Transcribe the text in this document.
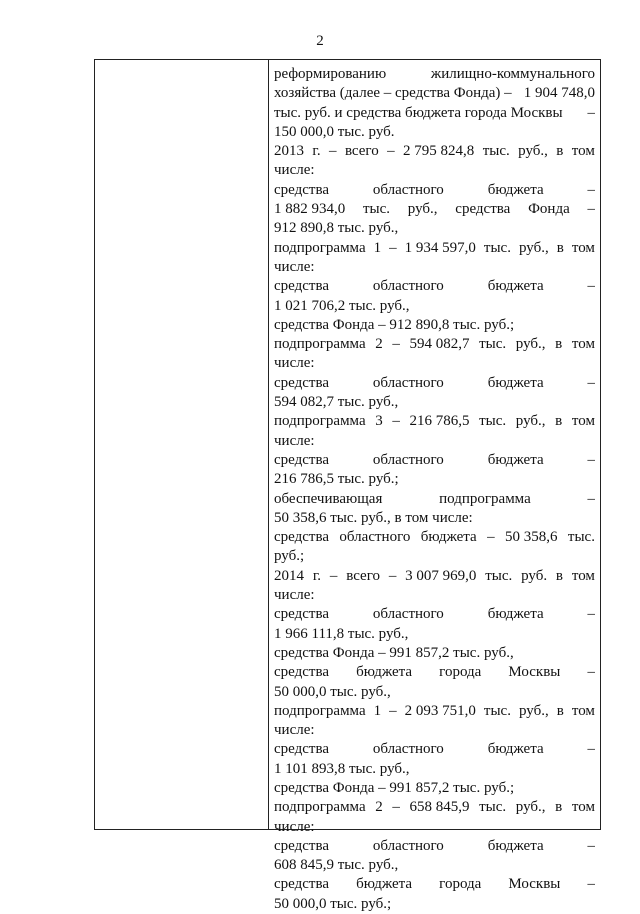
2
реформированию	жилищно-коммунального
хозяйства (далее – средства Фонда) – 1 904 748,0
тыс. руб. и средства бюджета города Москвы –
150 000,0 тыс. руб.
2013 г. – всего – 2 795 824,8 тыс. руб., в том
числе:
средства	областного	бюджета	–
1 882 934,0 тыс. руб., средства Фонда –
912 890,8 тыс. руб.,
подпрограмма 1 – 1 934 597,0 тыс. руб., в том
числе:
средства	областного	бюджета	–
1 021 706,2 тыс. руб.,
средства Фонда – 912 890,8 тыс. руб.;
подпрограмма 2 – 594 082,7 тыс. руб., в том
числе:
средства	областного	бюджета	–
594 082,7 тыс. руб.,
подпрограмма 3 – 216 786,5 тыс. руб., в том
числе:
средства	областного	бюджета	–
216 786,5 тыс. руб.;
обеспечивающая	подпрограмма	–
50 358,6 тыс. руб., в том числе:
средства областного бюджета – 50 358,6 тыс.
руб.;
2014 г. – всего – 3 007 969,0 тыс. руб. в том
числе:
средства	областного	бюджета	–
1 966 111,8 тыс. руб.,
средства Фонда – 991 857,2 тыс. руб.,
средства бюджета города Москвы –
50 000,0 тыс. руб.,
подпрограмма 1 – 2 093 751,0 тыс. руб., в том
числе:
средства	областного	бюджета	–
1 101 893,8 тыс. руб.,
средства Фонда – 991 857,2 тыс. руб.;
подпрограмма 2 – 658 845,9 тыс. руб., в том
числе:
средства	областного	бюджета	–
608 845,9 тыс. руб.,
средства бюджета города Москвы –
50 000,0 тыс. руб.;
